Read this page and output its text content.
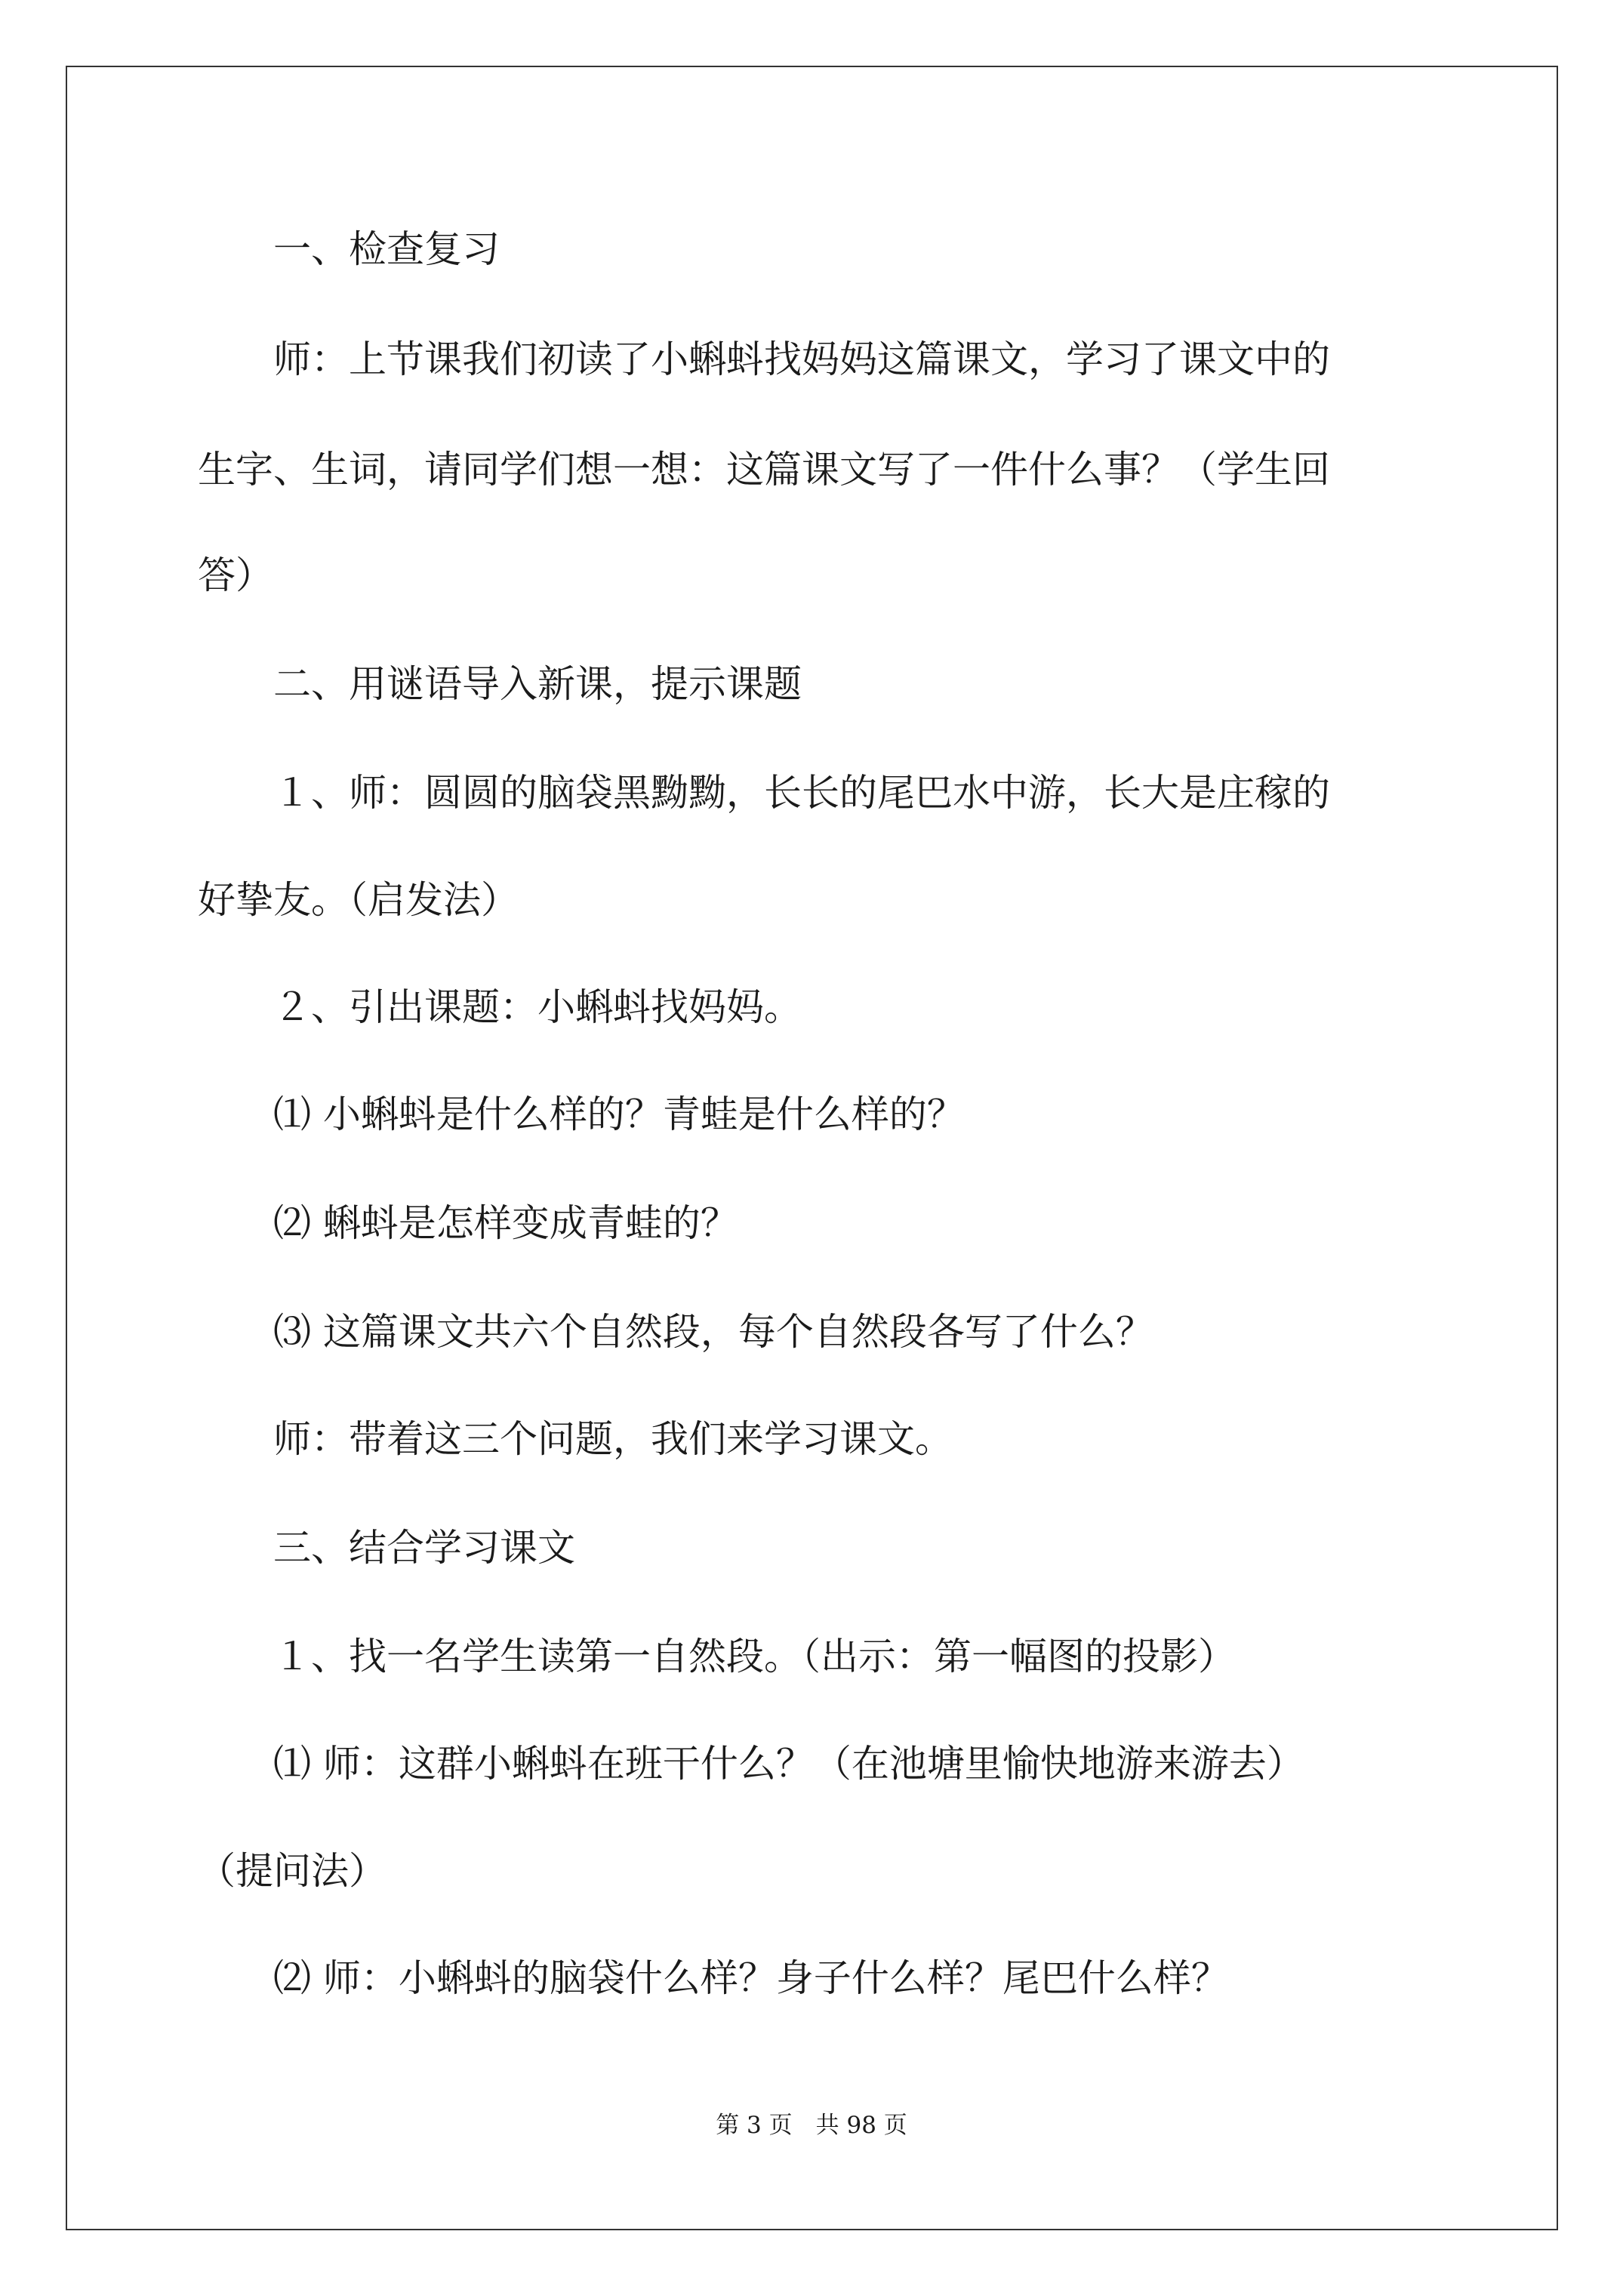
　　一、检查复习
　　师：上节课我们初读了小蝌蚪找妈妈这篇课文，学习了课文中的
生字、生词，请同学们想一想：这篇课文写了一件什么事？（学生回
答）
　　二、用谜语导入新课，提示课题
　　１、师：圆圆的脑袋黑黝黝，长长的尾巴水中游，长大是庄稼的
好挚友。（启发法）
　　２、引出课题：小蝌蚪找妈妈。
　　⑴ 小蝌蚪是什么样的？青蛙是什么样的？
　　⑵ 蝌蚪是怎样变成青蛙的？
　　⑶ 这篇课文共六个自然段，每个自然段各写了什么？
　　师：带着这三个问题，我们来学习课文。
　　三、结合学习课文
　　１、找一名学生读第一自然段。（出示：第一幅图的投影）
　　⑴ 师：这群小蝌蚪在班干什么？（在池塘里愉快地游来游去）
（提问法）
　　⑵ 师：小蝌蚪的脑袋什么样？身子什么样？尾巴什么样？
第 3 页　共 98 页
